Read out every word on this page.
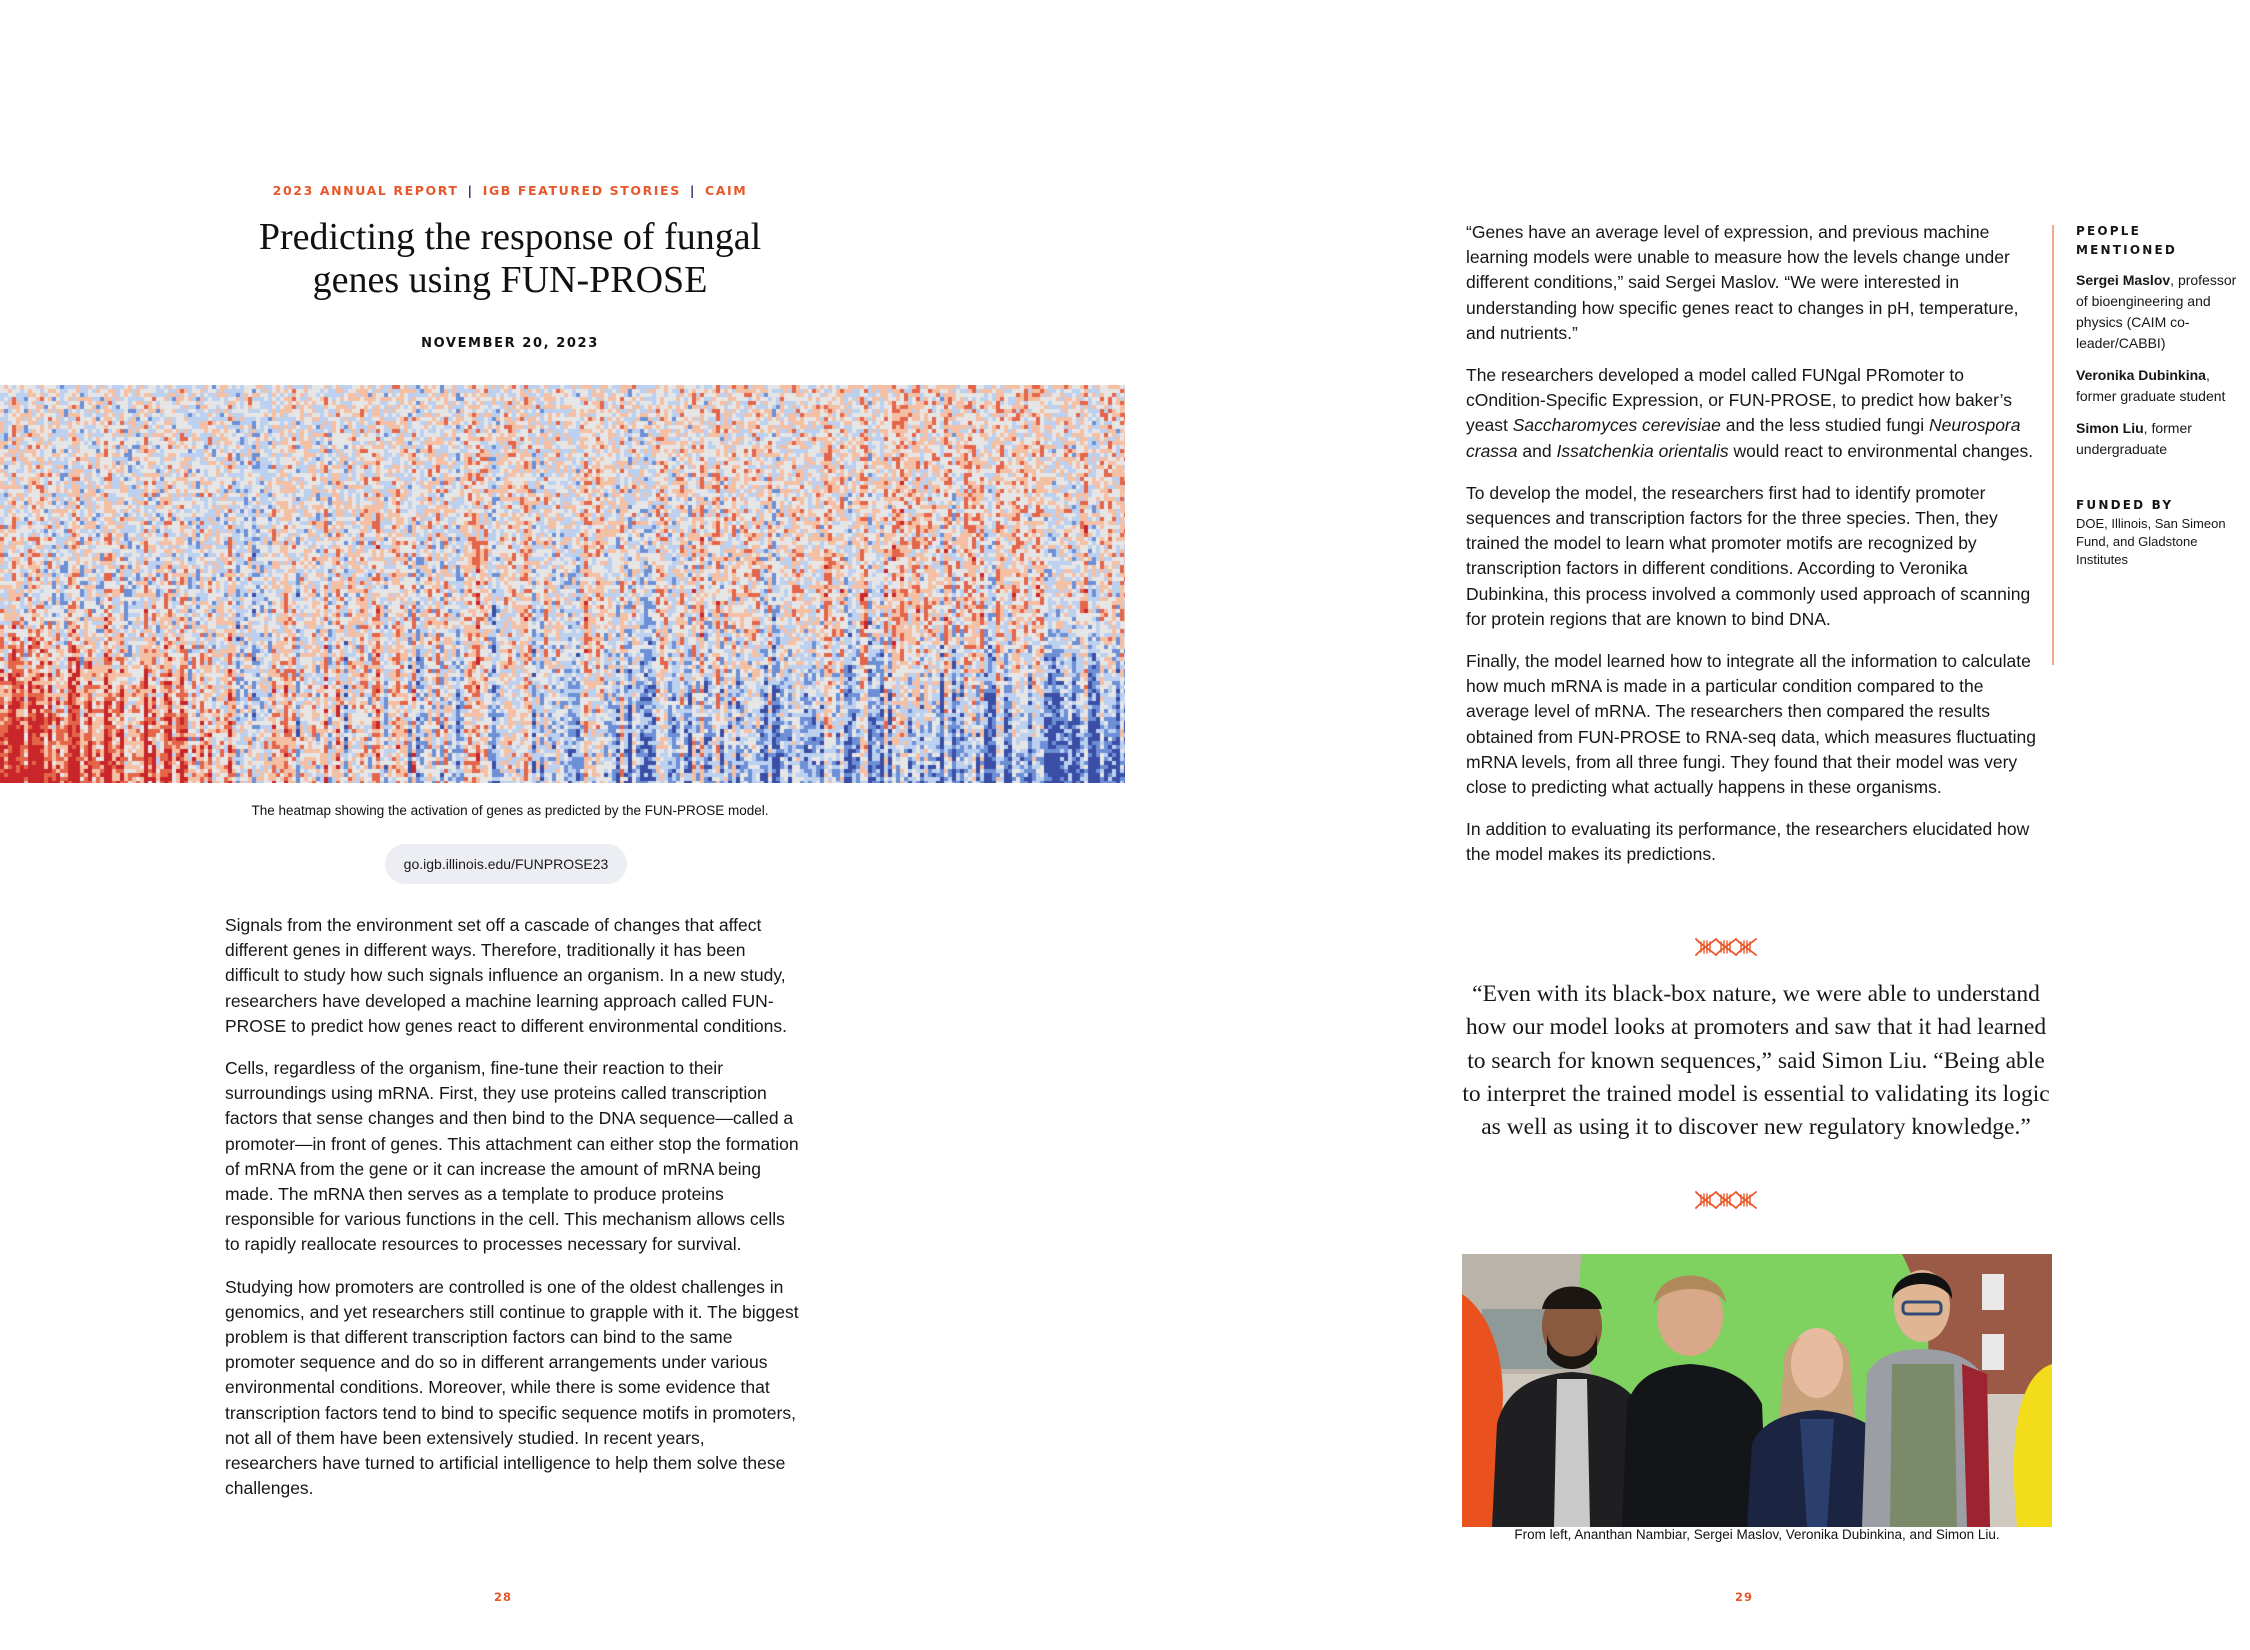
2023 ANNUAL REPORT | IGB FEATURED STORIES | CAIM
Predicting the response of fungal
genes using FUN-PROSE
NOVEMBER 20, 2023
The heatmap showing the activation of genes as predicted by the FUN-PROSE model.
go.igb.illinois.edu/FUNPROSE23

Signals from the environment set off a cascade of changes that affect different genes in different ways. Therefore, traditionally it has been difficult to study how such signals influence an organism. In a new study, researchers have developed a machine learning approach called FUN-PROSE to predict how genes react to different environmental conditions.

Cells, regardless of the organism, fine-tune their reaction to their surroundings using mRNA. First, they use proteins called transcription factors that sense changes and then bind to the DNA sequence—called a promoter—in front of genes. This attachment can either stop the formation of mRNA from the gene or it can increase the amount of mRNA being made. The mRNA then serves as a template to produce proteins responsible for various functions in the cell. This mechanism allows cells to rapidly reallocate resources to processes necessary for survival.

Studying how promoters are controlled is one of the oldest challenges in genomics, and yet researchers still continue to grapple with it. The biggest problem is that different transcription factors can bind to the same promoter sequence and do so in different arrangements under various environmental conditions. Moreover, while there is some evidence that transcription factors tend to bind to specific sequence motifs in promoters, not all of them have been extensively studied. In recent years, researchers have turned to artificial intelligence to help them solve these challenges.

28

“Genes have an average level of expression, and previous machine learning models were unable to measure how the levels change under different conditions,” said Sergei Maslov. “We were interested in understanding how specific genes react to changes in pH, temperature, and nutrients.”

The researchers developed a model called FUNgal PRomoter to cOndition-Specific Expression, or FUN-PROSE, to predict how baker’s yeast Saccharomyces cerevisiae and the less studied fungi Neurospora crassa and Issatchenkia orientalis would react to environmental changes.

To develop the model, the researchers first had to identify promoter sequences and transcription factors for the three species. Then, they trained the model to learn what promoter motifs are recognized by transcription factors in different conditions. According to Veronika Dubinkina, this process involved a commonly used approach of scanning for protein regions that are known to bind DNA.

Finally, the model learned how to integrate all the information to calculate how much mRNA is made in a particular condition compared to the average level of mRNA. The researchers then compared the results obtained from FUN-PROSE to RNA-seq data, which measures fluctuating mRNA levels, from all three fungi. They found that their model was very close to predicting what actually happens in these organisms.

In addition to evaluating its performance, the researchers elucidated how the model makes its predictions.

PEOPLE MENTIONED
Sergei Maslov, professor of bioengineering and physics (CAIM co-leader/CABBI)
Veronika Dubinkina, former graduate student
Simon Liu, former undergraduate
FUNDED BY
DOE, Illinois, San Simeon Fund, and Gladstone Institutes
“Even with its black-box nature, we were able to understand how our model looks at promoters and saw that it had learned to search for known sequences,” said Simon Liu. “Being able to interpret the trained model is essential to validating its logic as well as using it to discover new regulatory knowledge.”
From left, Ananthan Nambiar, Sergei Maslov, Veronika Dubinkina, and Simon Liu.
29
